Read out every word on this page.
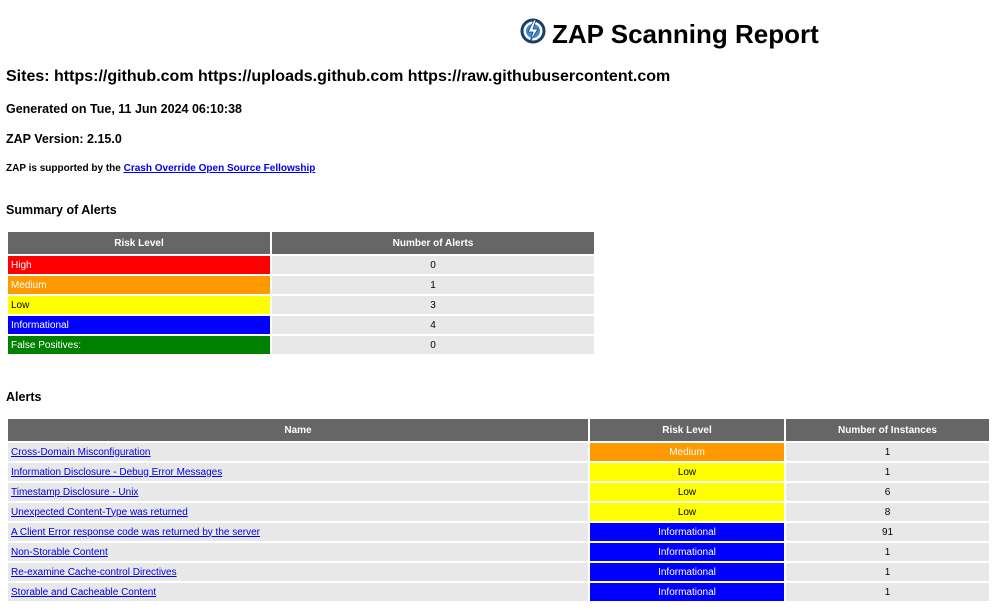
ZAP Scanning Report
Sites: https://github.com https://uploads.github.com https://raw.githubusercontent.com
Generated on Tue, 11 Jun 2024 06:10:38
ZAP Version: 2.15.0
ZAP is supported by the Crash Override Open Source Fellowship
Summary of Alerts
Risk Level	Number of Alerts
High	0
Medium	1
Low	3
Informational	4
False Positives:	0
Alerts
Name	Risk Level	Number of Instances
Cross-Domain Misconfiguration	Medium	1
Information Disclosure - Debug Error Messages	Low	1
Timestamp Disclosure - Unix	Low	6
Unexpected Content-Type was returned	Low	8
A Client Error response code was returned by the server	Informational	91
Non-Storable Content	Informational	1
Re-examine Cache-control Directives	Informational	1
Storable and Cacheable Content	Informational	1
